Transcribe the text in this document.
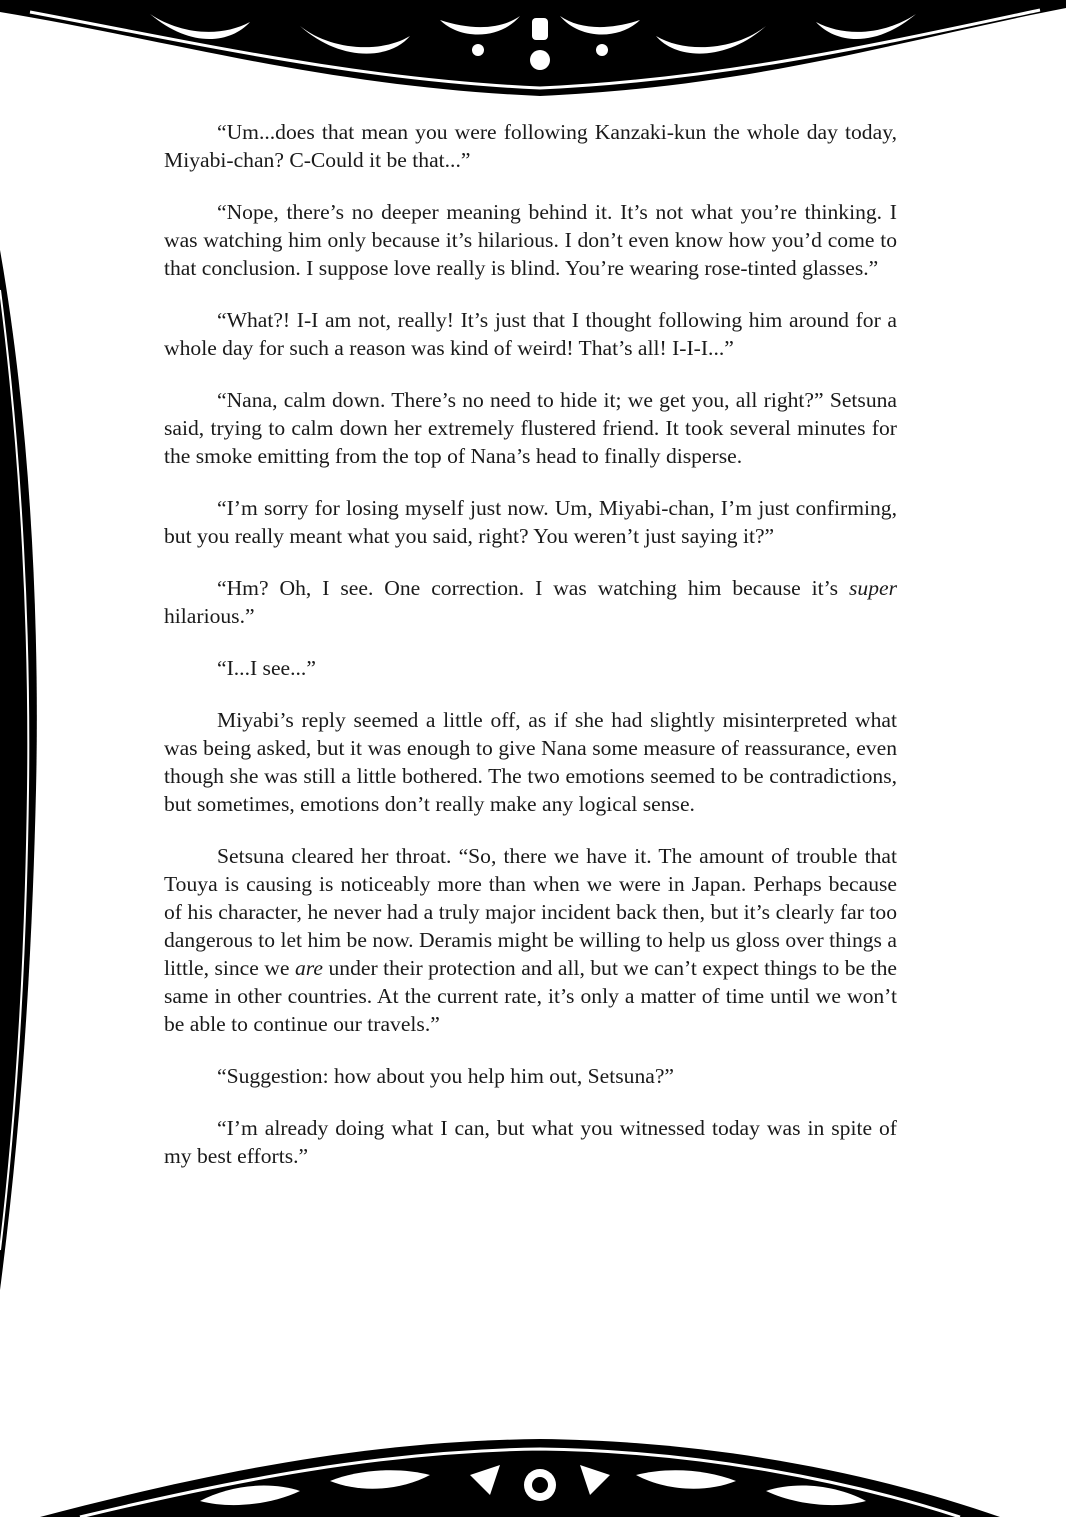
“Um...does that mean you were following Kanzaki-kun the whole day today, Miyabi-chan? C-Could it be that...”

“Nope, there’s no deeper meaning behind it. It’s not what you’re thinking. I was watching him only because it’s hilarious. I don’t even know how you’d come to that conclusion. I suppose love really is blind. You’re wearing rose-tinted glasses.”

“What?! I-I am not, really! It’s just that I thought following him around for a whole day for such a reason was kind of weird! That’s all! I-I-I...”

“Nana, calm down. There’s no need to hide it; we get you, all right?” Setsuna said, trying to calm down her extremely flustered friend. It took several minutes for the smoke emitting from the top of Nana’s head to finally disperse.

“I’m sorry for losing myself just now. Um, Miyabi-chan, I’m just confirming, but you really meant what you said, right? You weren’t just saying it?”

“Hm? Oh, I see. One correction. I was watching him because it’s super hilarious.”

“I...I see...”

Miyabi’s reply seemed a little off, as if she had slightly misinterpreted what was being asked, but it was enough to give Nana some measure of reassurance, even though she was still a little bothered. The two emotions seemed to be contradictions, but sometimes, emotions don’t really make any logical sense.

Setsuna cleared her throat. “So, there we have it. The amount of trouble that Touya is causing is noticeably more than when we were in Japan. Perhaps because of his character, he never had a truly major incident back then, but it’s clearly far too dangerous to let him be now. Deramis might be willing to help us gloss over things a little, since we are under their protection and all, but we can’t expect things to be the same in other countries. At the current rate, it’s only a matter of time until we won’t be able to continue our travels.”

“Suggestion: how about you help him out, Setsuna?”

“I’m already doing what I can, but what you witnessed today was in spite of my best efforts.”
